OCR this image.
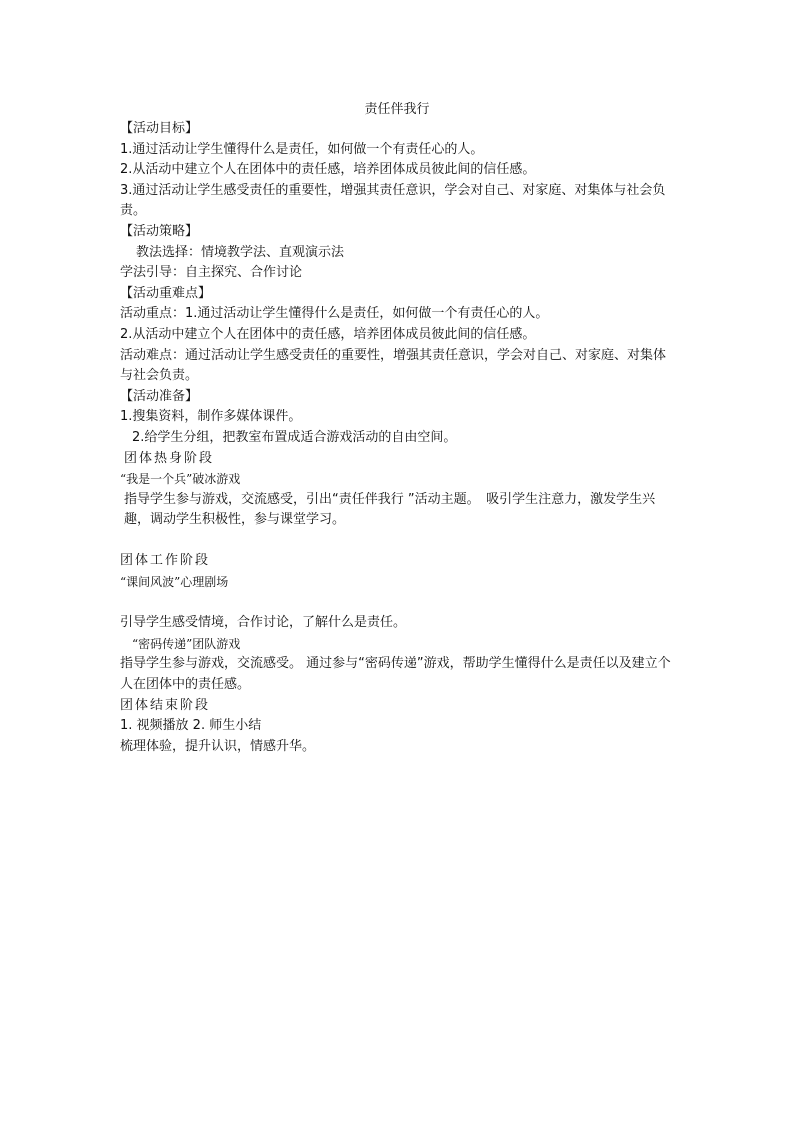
责任伴我行

【活动目标】

1.通过活动让学生懂得什么是责任，如何做一个有责任心的人。

2.从活动中建立个人在团体中的责任感，培养团体成员彼此间的信任感。

3.通过活动让学生感受责任的重要性，增强其责任意识，学会对自己、对家庭、对集体与社会负责。

【活动策略】

教法选择：情境教学法、直观演示法

学法引导：自主探究、合作讨论

【活动重难点】

活动重点：1.通过活动让学生懂得什么是责任，如何做一个有责任心的人。

2.从活动中建立个人在团体中的责任感，培养团体成员彼此间的信任感。

活动难点：通过活动让学生感受责任的重要性，增强其责任意识，学会对自己、对家庭、对集体与社会负责。

【活动准备】

1.搜集资料，制作多媒体课件。

2.给学生分组，把教室布置成适合游戏活动的自由空间。

团体热身阶段

“我是一个兵”破冰游戏

指导学生参与游戏，交流感受，引出“责任伴我行 ”活动主题。　吸引学生注意力，激发学生兴趣，调动学生积极性，参与课堂学习。

团体工作阶段

“课间风波”心理剧场

引导学生感受情境，合作讨论，了解什么是责任。

“密码传递”团队游戏

指导学生参与游戏，交流感受。 通过参与“密码传递”游戏，帮助学生懂得什么是责任以及建立个人在团体中的责任感。

团体结束阶段

1. 视频播放 2. 师生小结

梳理体验，提升认识，情感升华。
